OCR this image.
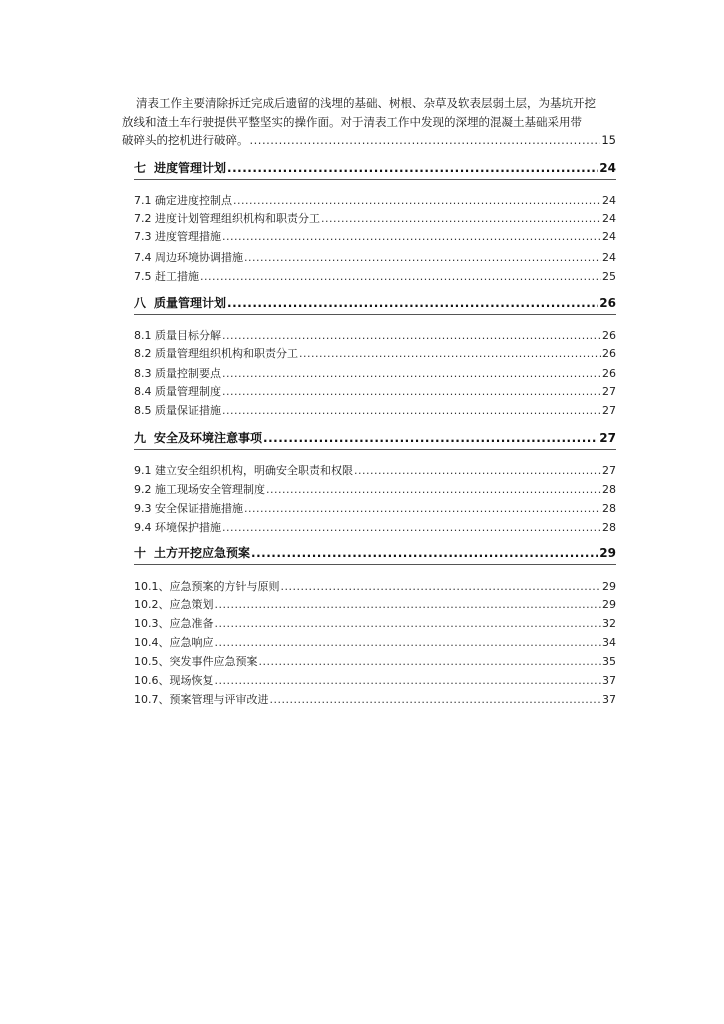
清表工作主要清除拆迁完成后遗留的浅埋的基础、树根、杂草及软表层弱土层，为基坑开挖
放线和渣土车行驶提供平整坚实的操作面。对于清表工作中发现的深埋的混凝土基础采用带
破碎头的挖机进行破碎。 .....	15
七 进度管理计划 .....	24
7.1 确定进度控制点 .....	24
7.2 进度计划管理组织机构和职责分工 .....	24
7.3 进度管理措施 .....	24
7.4 周边环境协调措施 .....	24
7.5 赶工措施 .....	25
八 质量管理计划 .....	26
8.1 质量目标分解 .....	26
8.2 质量管理组织机构和职责分工 .....	26
8.3 质量控制要点 .....	26
8.4 质量管理制度 .....	27
8.5 质量保证措施 .....	27
九 安全及环境注意事项 .....	27
9.1 建立安全组织机构，明确安全职责和权限 .....	27
9.2 施工现场安全管理制度 .....	28
9.3 安全保证措施措施 .....	28
9.4 环境保护措施 .....	28
十 土方开挖应急预案 .....	29
10.1、应急预案的方针与原则 .....	29
10.2、应急策划 .....	29
10.3、应急准备 .....	32
10.4、应急响应 .....	34
10.5、突发事件应急预案 .....	35
10.6、现场恢复 .....	37
10.7、预案管理与评审改进 .....	37
